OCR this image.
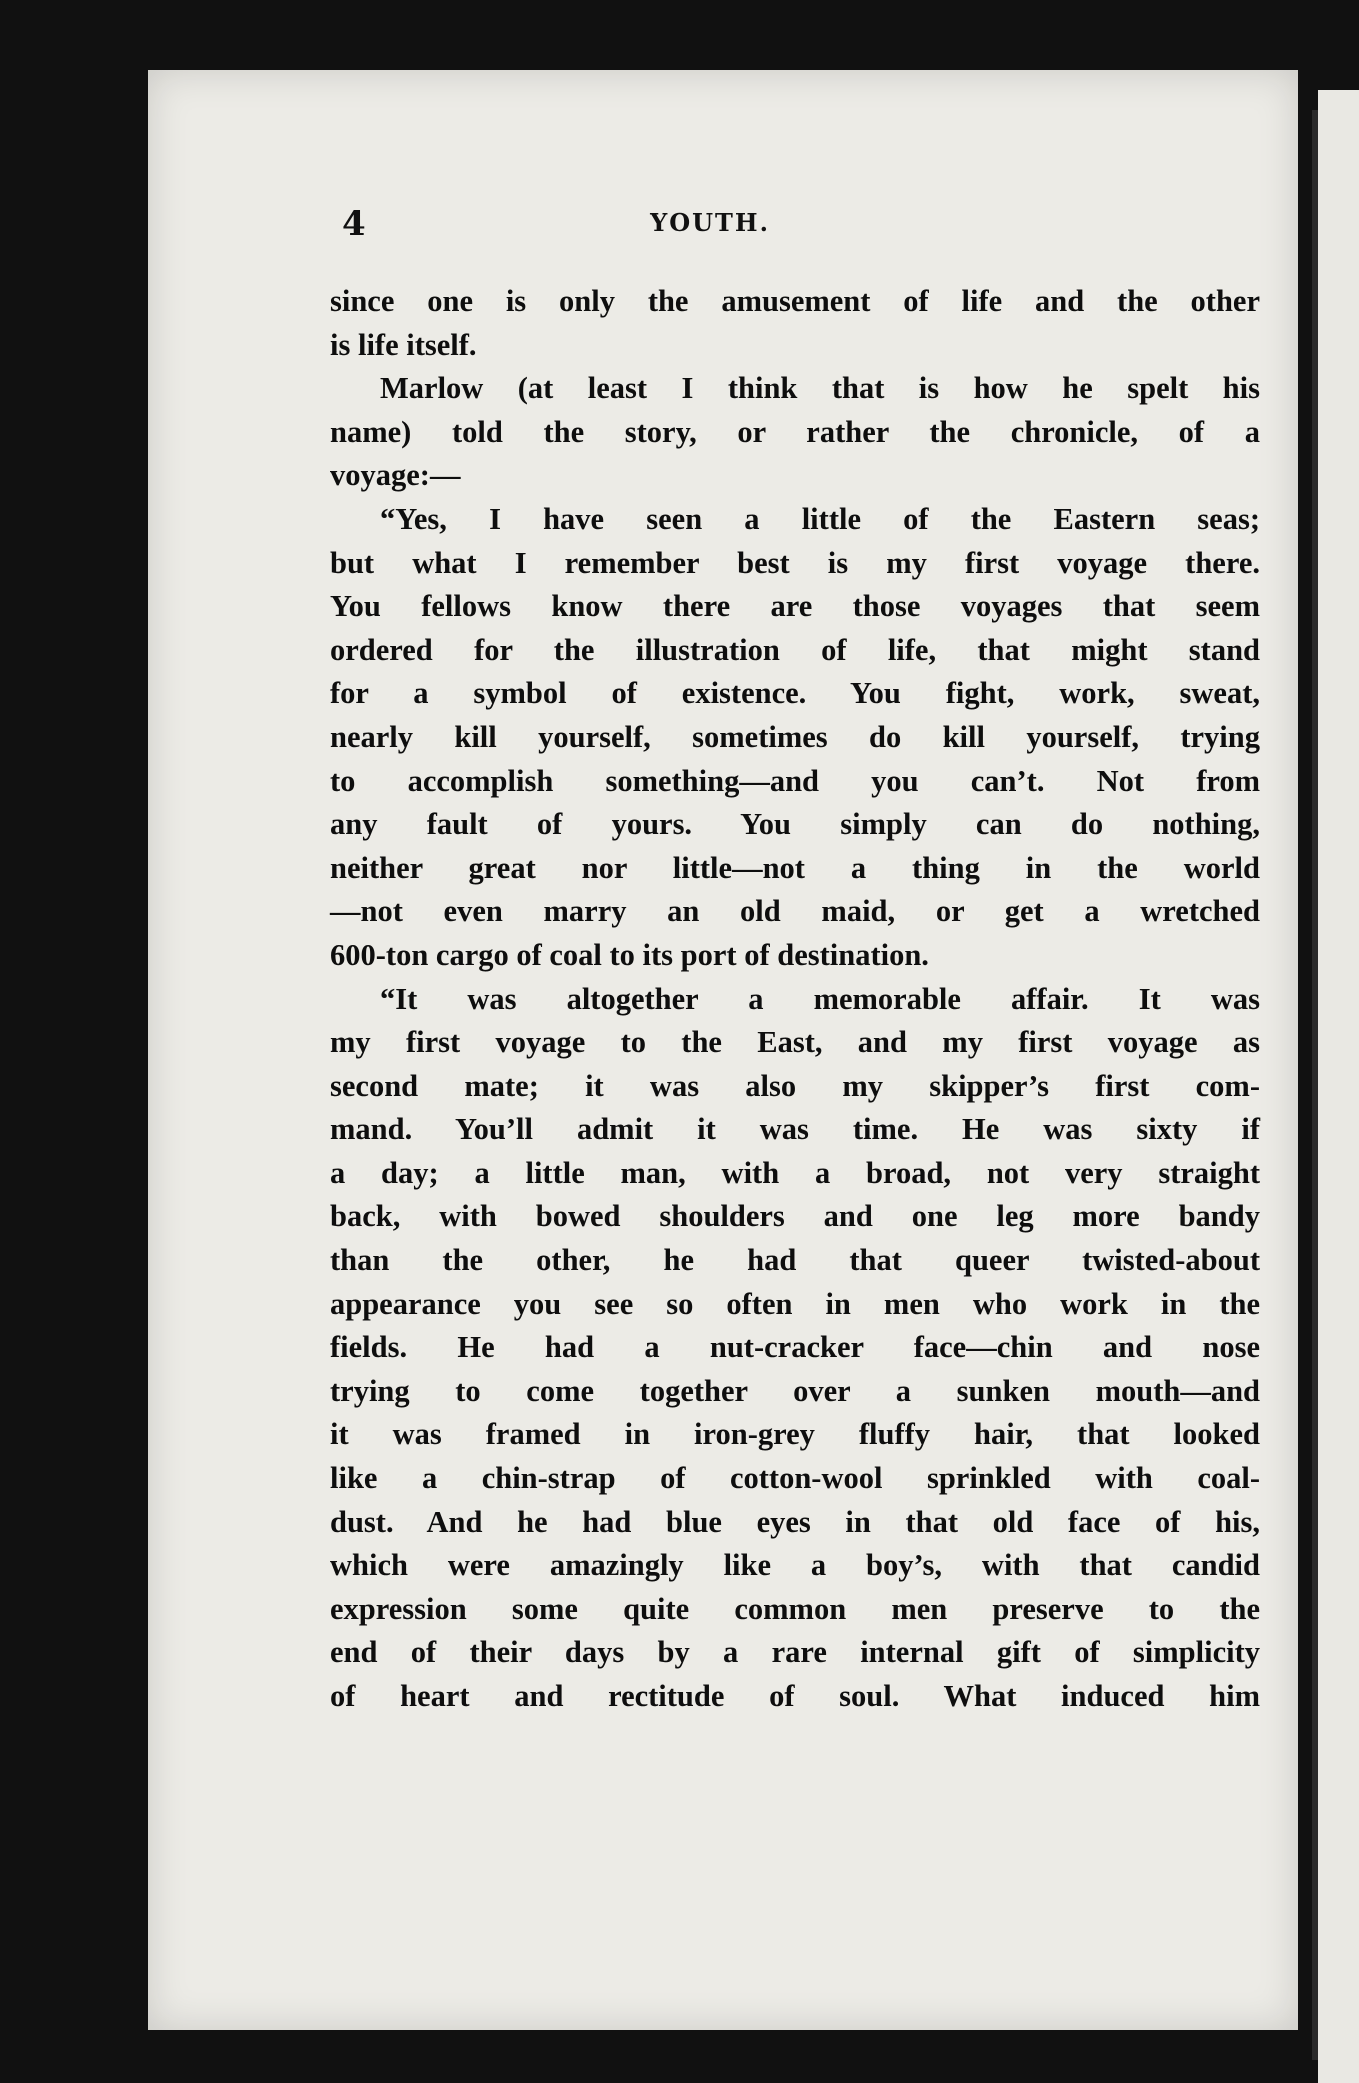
4	YOUTH.
since one is only the amusement of life and the other
is life itself.
Marlow (at least I think that is how he spelt his
name) told the story, or rather the chronicle, of a
voyage:—
“Yes, I have seen a little of the Eastern seas;
but what I remember best is my first voyage there.
You fellows know there are those voyages that seem
ordered for the illustration of life, that might stand
for a symbol of existence. You fight, work, sweat,
nearly kill yourself, sometimes do kill yourself, trying
to accomplish something—and you can’t. Not from
any fault of yours. You simply can do nothing,
neither great nor little—not a thing in the world
—not even marry an old maid, or get a wretched
600-ton cargo of coal to its port of destination.
“It was altogether a memorable affair. It was
my first voyage to the East, and my first voyage as
second mate; it was also my skipper’s first com-
mand. You’ll admit it was time. He was sixty if
a day; a little man, with a broad, not very straight
back, with bowed shoulders and one leg more bandy
than the other, he had that queer twisted-about
appearance you see so often in men who work in the
fields. He had a nut-cracker face—chin and nose
trying to come together over a sunken mouth—and
it was framed in iron-grey fluffy hair, that looked
like a chin-strap of cotton-wool sprinkled with coal-
dust. And he had blue eyes in that old face of his,
which were amazingly like a boy’s, with that candid
expression some quite common men preserve to the
end of their days by a rare internal gift of simplicity
of heart and rectitude of soul. What induced him
